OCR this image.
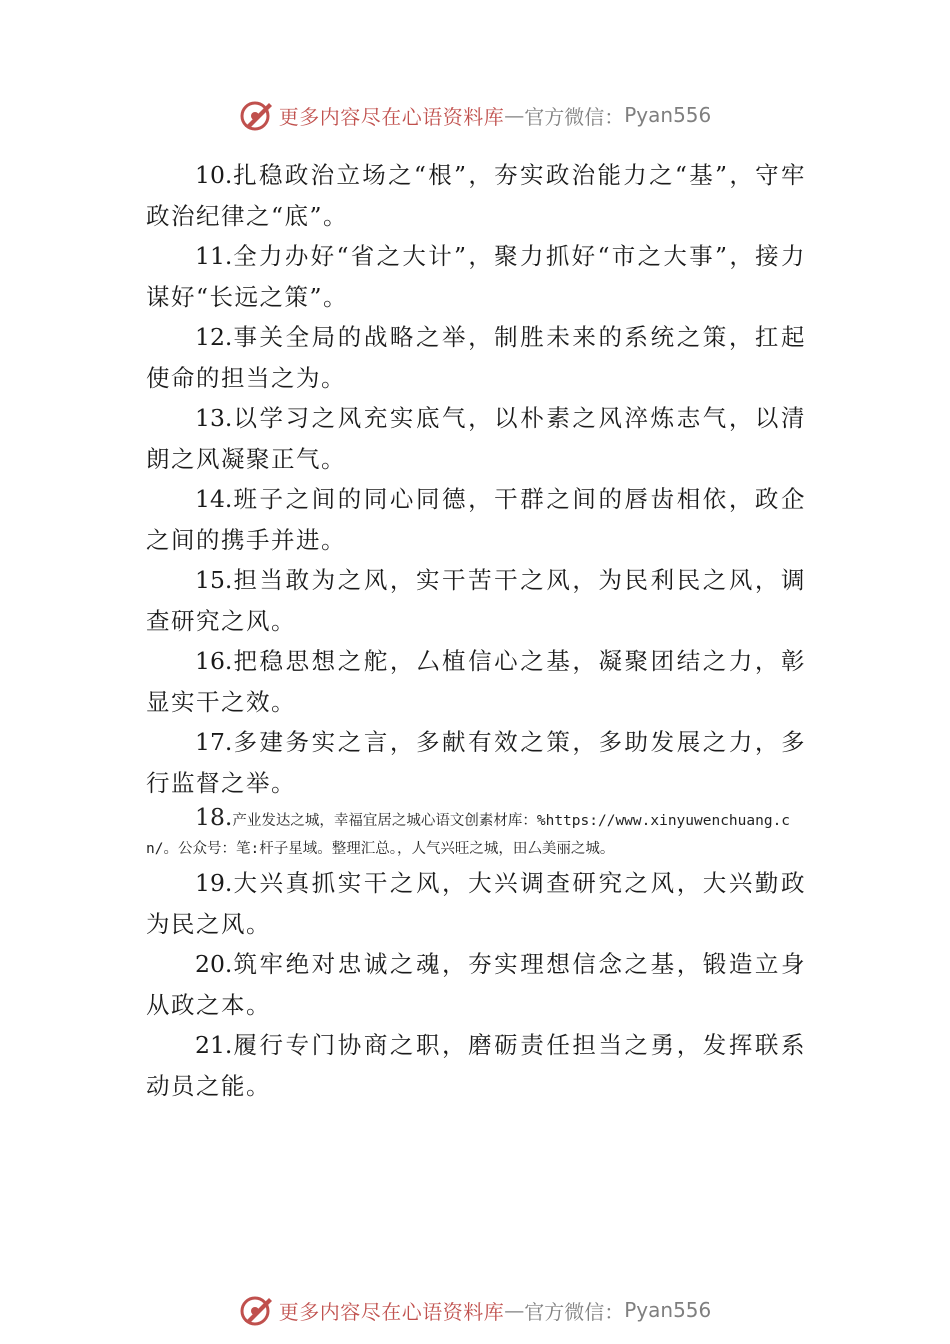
更多内容尽在心语资料库 — 官方微信： Pyan556

10.扎稳政治立场之“根”，夯实政治能力之“基”，守牢政治纪律之“底”。

11.全力办好“省之大计”，聚力抓好“市之大事”，接力谋好“长远之策”。

12.事关全局的战略之举，制胜未来的系统之策，扛起使命的担当之为。

13.以学习之风充实底气，以朴素之风淬炼志气，以清朗之风凝聚正气。

14.班子之间的同心同德，干群之间的唇齿相依，政企之间的携手并进。

15.担当敢为之风，实干苦干之风，为民利民之风，调查研究之风。

16.把稳思想之舵，厶植信心之基，凝聚团结之力，彰显实干之效。

17.多建务实之言，多献有效之策，多助发展之力，多行监督之举。

18.产业发达之城，幸福宜居之城心语文创素材库：%https://www.xinyuwenchuang.cn/。公众号：笔:杆子星域。整理汇总。，人气兴旺之城，田厶美丽之城。

19.大兴真抓实干之风，大兴调查研究之风，大兴勤政为民之风。

20.筑牢绝对忠诚之魂，夯实理想信念之基，锻造立身从政之本。

21.履行专门协商之职，磨砺责任担当之勇，发挥联系动员之能。

更多内容尽在心语资料库 — 官方微信： Pyan556
